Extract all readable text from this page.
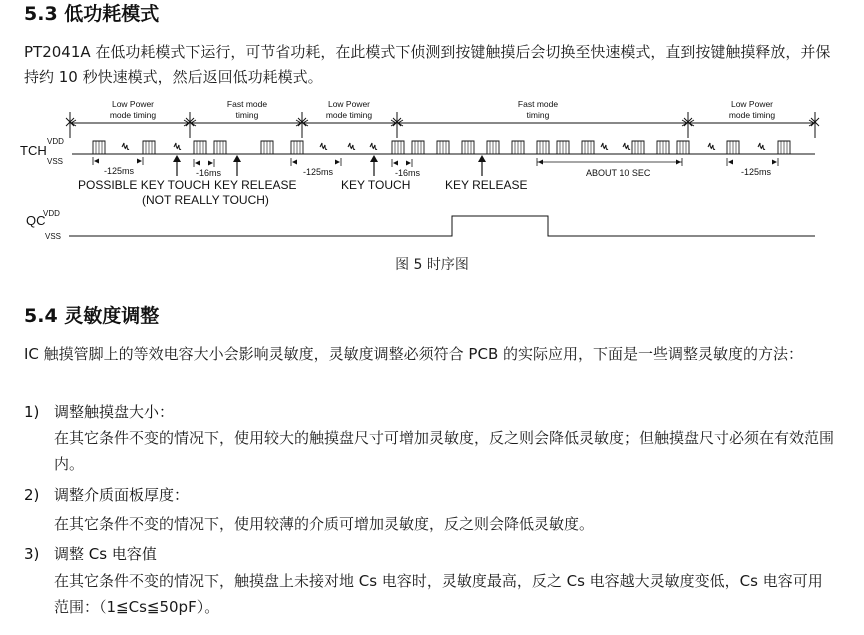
5.3 低功耗模式
PT2041A 在低功耗模式下运行，可节省功耗，在此模式下侦测到按键触摸后会切换至快速模式，直到按键触摸释放，并保持约 10 秒快速模式，然后返回低功耗模式。
Low Power
mode timing
Fast mode
timing
Low Power
mode timing
Fast mode
timing
Low Power
mode timing
VDD
TCH
VSS
-125ms	-16ms	-125ms	-16ms	ABOUT 10 SEC	-125ms
POSSIBLE KEY TOUCH
(NOT REALLY TOUCH)
KEY RELEASE	KEY TOUCH	KEY RELEASE
VDD
QC
VSS
图 5 时序图
5.4 灵敏度调整
IC 触摸管脚上的等效电容大小会影响灵敏度，灵敏度调整必须符合 PCB 的实际应用，下面是一些调整灵敏度的方法：
1) 调整触摸盘大小：
在其它条件不变的情况下，使用较大的触摸盘尺寸可增加灵敏度，反之则会降低灵敏度；但触摸盘尺寸必须在有效范围内。
2) 调整介质面板厚度：
在其它条件不变的情况下，使用较薄的介质可增加灵敏度，反之则会降低灵敏度。
3) 调整 Cs 电容值
在其它条件不变的情况下，触摸盘上未接对地 Cs 电容时，灵敏度最高，反之 Cs 电容越大灵敏度变低，Cs 电容可用范围：（1≦Cs≦50pF）。
